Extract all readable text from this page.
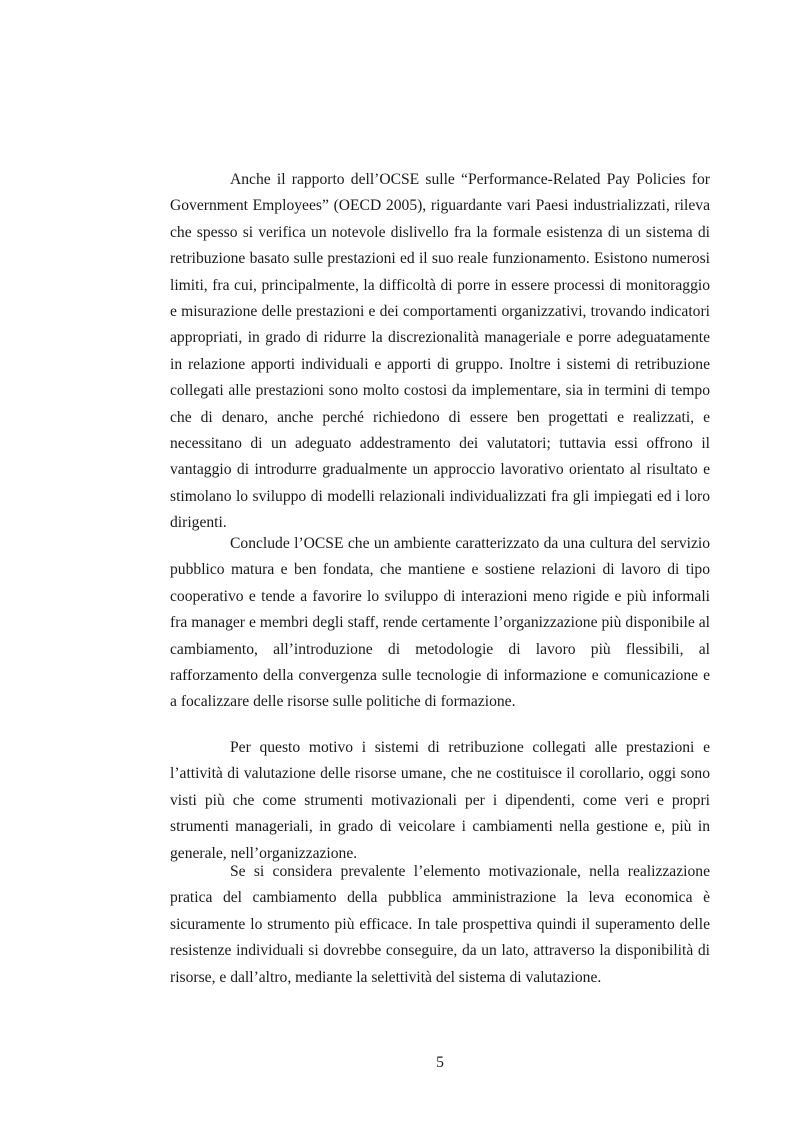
Anche il rapporto dell’OCSE sulle “Performance-Related Pay Policies for Government Employees” (OECD 2005), riguardante vari Paesi industrializzati, rileva che spesso si verifica un notevole dislivello fra la formale esistenza di un sistema di retribuzione basato sulle prestazioni ed il suo reale funzionamento. Esistono numerosi limiti, fra cui, principalmente, la difficoltà di porre in essere processi di monitoraggio e misurazione delle prestazioni e dei comportamenti organizzativi, trovando indicatori appropriati, in grado di ridurre la discrezionalità manageriale e porre adeguatamente in relazione apporti individuali e apporti di gruppo. Inoltre i sistemi di retribuzione collegati alle prestazioni sono molto costosi da implementare, sia in termini di tempo che di denaro, anche perché richiedono di essere ben progettati e realizzati, e necessitano di un adeguato addestramento dei valutatori; tuttavia essi offrono il vantaggio di introdurre gradualmente un approccio lavorativo orientato al risultato e stimolano lo sviluppo di modelli relazionali individualizzati fra gli impiegati ed i loro dirigenti.

Conclude l’OCSE che un ambiente caratterizzato da una cultura del servizio pubblico matura e ben fondata, che mantiene e sostiene relazioni di lavoro di tipo cooperativo e tende a favorire lo sviluppo di interazioni meno rigide e più informali fra manager e membri degli staff, rende certamente l’organizzazione più disponibile al cambiamento, all’introduzione di metodologie di lavoro più flessibili, al rafforzamento della convergenza sulle tecnologie di informazione e comunicazione e a focalizzare delle risorse sulle politiche di formazione.

Per questo motivo i sistemi di retribuzione collegati alle prestazioni e l’attività di valutazione delle risorse umane, che ne costituisce il corollario, oggi sono visti più che come strumenti motivazionali per i dipendenti, come veri e propri strumenti manageriali, in grado di veicolare i cambiamenti nella gestione e, più in generale, nell’organizzazione.

Se si considera prevalente l’elemento motivazionale, nella realizzazione pratica del cambiamento della pubblica amministrazione la leva economica è sicuramente lo strumento più efficace. In tale prospettiva quindi il superamento delle resistenze individuali si dovrebbe conseguire, da un lato, attraverso la disponibilità di risorse, e dall’altro, mediante la selettività del sistema di valutazione.

5
